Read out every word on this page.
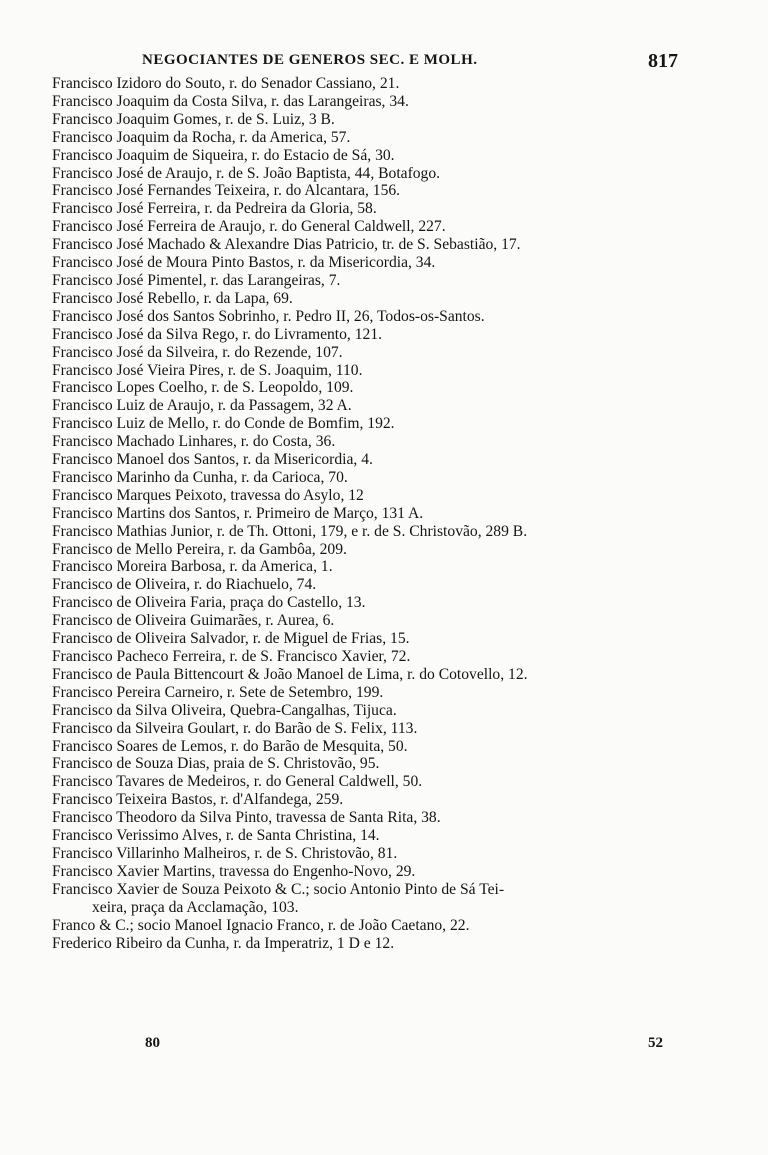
NEGOCIANTES DE GENEROS SEC. E MOLH.	817
Francisco Izidoro do Souto, r. do Senador Cassiano, 21.
Francisco Joaquim da Costa Silva, r. das Larangeiras, 34.
Francisco Joaquim Gomes, r. de S. Luiz, 3 B.
Francisco Joaquim da Rocha, r. da America, 57.
Francisco Joaquim de Siqueira, r. do Estacio de Sá, 30.
Francisco José de Araujo, r. de S. João Baptista, 44, Botafogo.
Francisco José Fernandes Teixeira, r. do Alcantara, 156.
Francisco José Ferreira, r. da Pedreira da Gloria, 58.
Francisco José Ferreira de Araujo, r. do General Caldwell, 227.
Francisco José Machado & Alexandre Dias Patricio, tr. de S. Sebastião, 17.
Francisco José de Moura Pinto Bastos, r. da Misericordia, 34.
Francisco José Pimentel, r. das Larangeiras, 7.
Francisco José Rebello, r. da Lapa, 69.
Francisco José dos Santos Sobrinho, r. Pedro II, 26, Todos-os-Santos.
Francisco José da Silva Rego, r. do Livramento, 121.
Francisco José da Silveira, r. do Rezende, 107.
Francisco José Vieira Pires, r. de S. Joaquim, 110.
Francisco Lopes Coelho, r. de S. Leopoldo, 109.
Francisco Luiz de Araujo, r. da Passagem, 32 A.
Francisco Luiz de Mello, r. do Conde de Bomfim, 192.
Francisco Machado Linhares, r. do Costa, 36.
Francisco Manoel dos Santos, r. da Misericordia, 4.
Francisco Marinho da Cunha, r. da Carioca, 70.
Francisco Marques Peixoto, travessa do Asylo, 12
Francisco Martins dos Santos, r. Primeiro de Março, 131 A.
Francisco Mathias Junior, r. de Th. Ottoni, 179, e r. de S. Christovão, 289 B.
Francisco de Mello Pereira, r. da Gambôa, 209.
Francisco Moreira Barbosa, r. da America, 1.
Francisco de Oliveira, r. do Riachuelo, 74.
Francisco de Oliveira Faria, praça do Castello, 13.
Francisco de Oliveira Guimarães, r. Aurea, 6.
Francisco de Oliveira Salvador, r. de Miguel de Frias, 15.
Francisco Pacheco Ferreira, r. de S. Francisco Xavier, 72.
Francisco de Paula Bittencourt & João Manoel de Lima, r. do Cotovello, 12.
Francisco Pereira Carneiro, r. Sete de Setembro, 199.
Francisco da Silva Oliveira, Quebra-Cangalhas, Tijuca.
Francisco da Silveira Goulart, r. do Barão de S. Felix, 113.
Francisco Soares de Lemos, r. do Barão de Mesquita, 50.
Francisco de Souza Dias, praia de S. Christovão, 95.
Francisco Tavares de Medeiros, r. do General Caldwell, 50.
Francisco Teixeira Bastos, r. d'Alfandega, 259.
Francisco Theodoro da Silva Pinto, travessa de Santa Rita, 38.
Francisco Verissimo Alves, r. de Santa Christina, 14.
Francisco Villarinho Malheiros, r. de S. Christovão, 81.
Francisco Xavier Martins, travessa do Engenho-Novo, 29.
Francisco Xavier de Souza Peixoto & C.; socio Antonio Pinto de Sá Tei-
xeira, praça da Acclamação, 103.
Franco & C.; socio Manoel Ignacio Franco, r. de João Caetano, 22.
Frederico Ribeiro da Cunha, r. da Imperatriz, 1 D e 12.
80	52
